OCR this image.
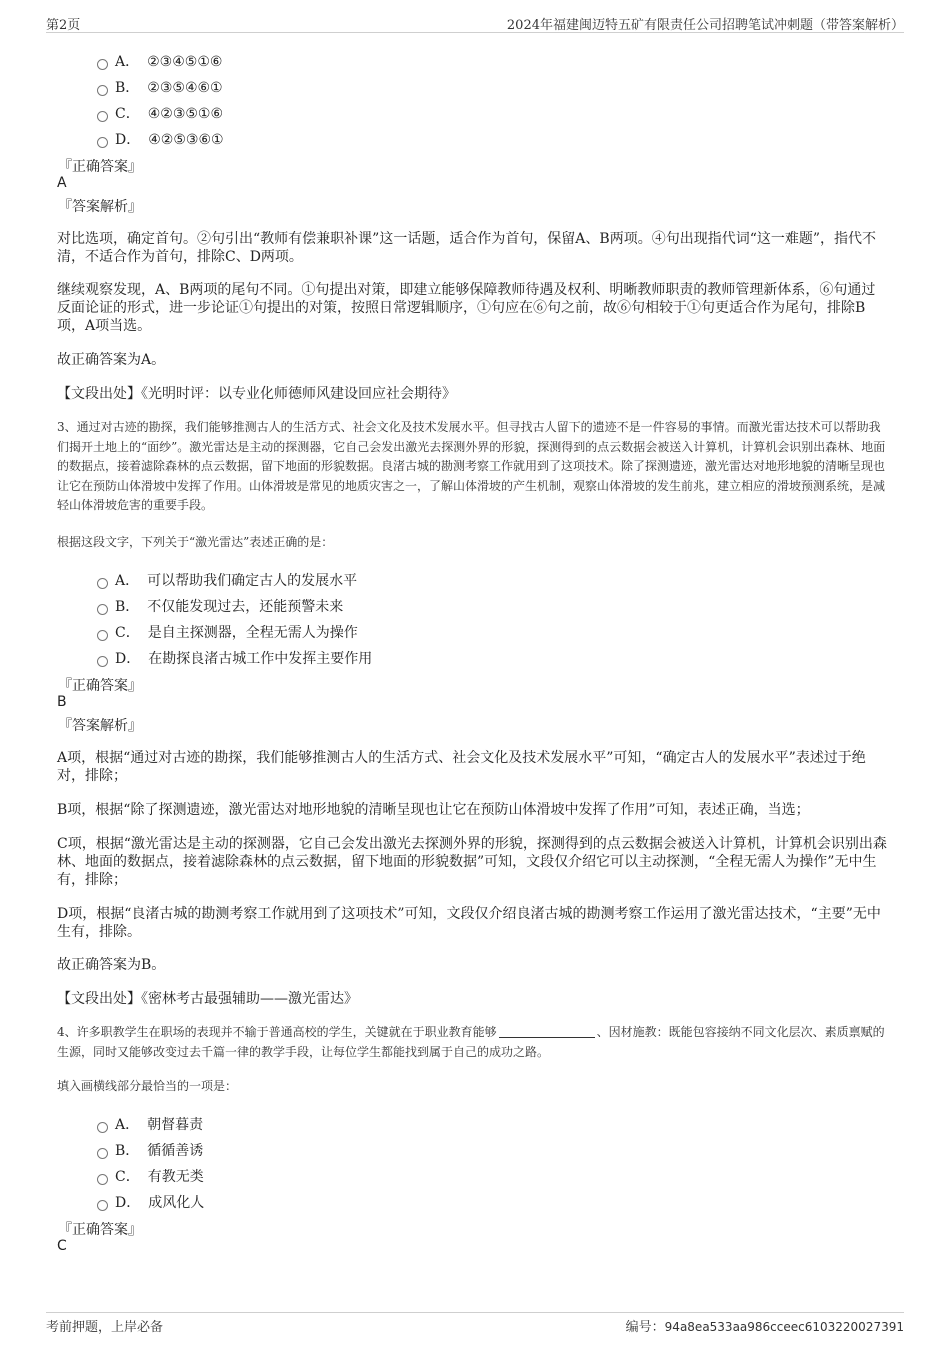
第2页	2024年福建闽迈特五矿有限责任公司招聘笔试冲刺题（带答案解析）
A． ②③④⑤①⑥
B． ②③⑤④⑥①
C． ④②③⑤①⑥
D． ④②⑤③⑥①
『正确答案』
A
『答案解析』
对比选项，确定首句。②句引出“教师有偿兼职补课”这一话题，适合作为首句，保留A、B两项。④句出现指代词“这一难题”，指代不清，不适合作为首句，排除C、D两项。
继续观察发现，A、B两项的尾句不同。①句提出对策，即建立能够保障教师待遇及权利、明晰教师职责的教师管理新体系，⑥句通过反面论证的形式，进一步论证①句提出的对策，按照日常逻辑顺序，①句应在⑥句之前，故⑥句相较于①句更适合作为尾句，排除B项，A项当选。
故正确答案为A。
【文段出处】《光明时评：以专业化师德师风建设回应社会期待》
3、通过对古迹的勘探，我们能够推测古人的生活方式、社会文化及技术发展水平。但寻找古人留下的遗迹不是一件容易的事情。而激光雷达技术可以帮助我们揭开土地上的“面纱”。激光雷达是主动的探测器，它自己会发出激光去探测外界的形貌，探测得到的点云数据会被送入计算机，计算机会识别出森林、地面的数据点，接着滤除森林的点云数据，留下地面的形貌数据。良渚古城的勘测考察工作就用到了这项技术。除了探测遗迹，激光雷达对地形地貌的清晰呈现也让它在预防山体滑坡中发挥了作用。山体滑坡是常见的地质灾害之一，了解山体滑坡的产生机制，观察山体滑坡的发生前兆，建立相应的滑坡预测系统，是减轻山体滑坡危害的重要手段。
根据这段文字，下列关于“激光雷达”表述正确的是：
A． 可以帮助我们确定古人的发展水平
B． 不仅能发现过去，还能预警未来
C． 是自主探测器，全程无需人为操作
D． 在勘探良渚古城工作中发挥主要作用
『正确答案』
B
『答案解析』
A项，根据“通过对古迹的勘探，我们能够推测古人的生活方式、社会文化及技术发展水平”可知，“确定古人的发展水平”表述过于绝对，排除；
B项，根据“除了探测遗迹，激光雷达对地形地貌的清晰呈现也让它在预防山体滑坡中发挥了作用”可知，表述正确，当选；
C项，根据“激光雷达是主动的探测器，它自己会发出激光去探测外界的形貌，探测得到的点云数据会被送入计算机，计算机会识别出森林、地面的数据点，接着滤除森林的点云数据，留下地面的形貌数据”可知，文段仅介绍它可以主动探测，“全程无需人为操作”无中生有，排除；
D项，根据“良渚古城的勘测考察工作就用到了这项技术”可知，文段仅介绍良渚古城的勘测考察工作运用了激光雷达技术，“主要”无中生有，排除。
故正确答案为B。
【文段出处】《密林考古最强辅助——激光雷达》
4、许多职教学生在职场的表现并不输于普通高校的学生，关键就在于职业教育能够	、因材施教：既能包容接纳不同文化层次、素质禀赋的生源，同时又能够改变过去千篇一律的教学手段，让每位学生都能找到属于自己的成功之路。
填入画横线部分最恰当的一项是：
A． 朝督暮责
B． 循循善诱
C． 有教无类
D． 成风化人
『正确答案』
C
考前押题，上岸必备	编号：94a8ea533aa986cceec6103220027391
